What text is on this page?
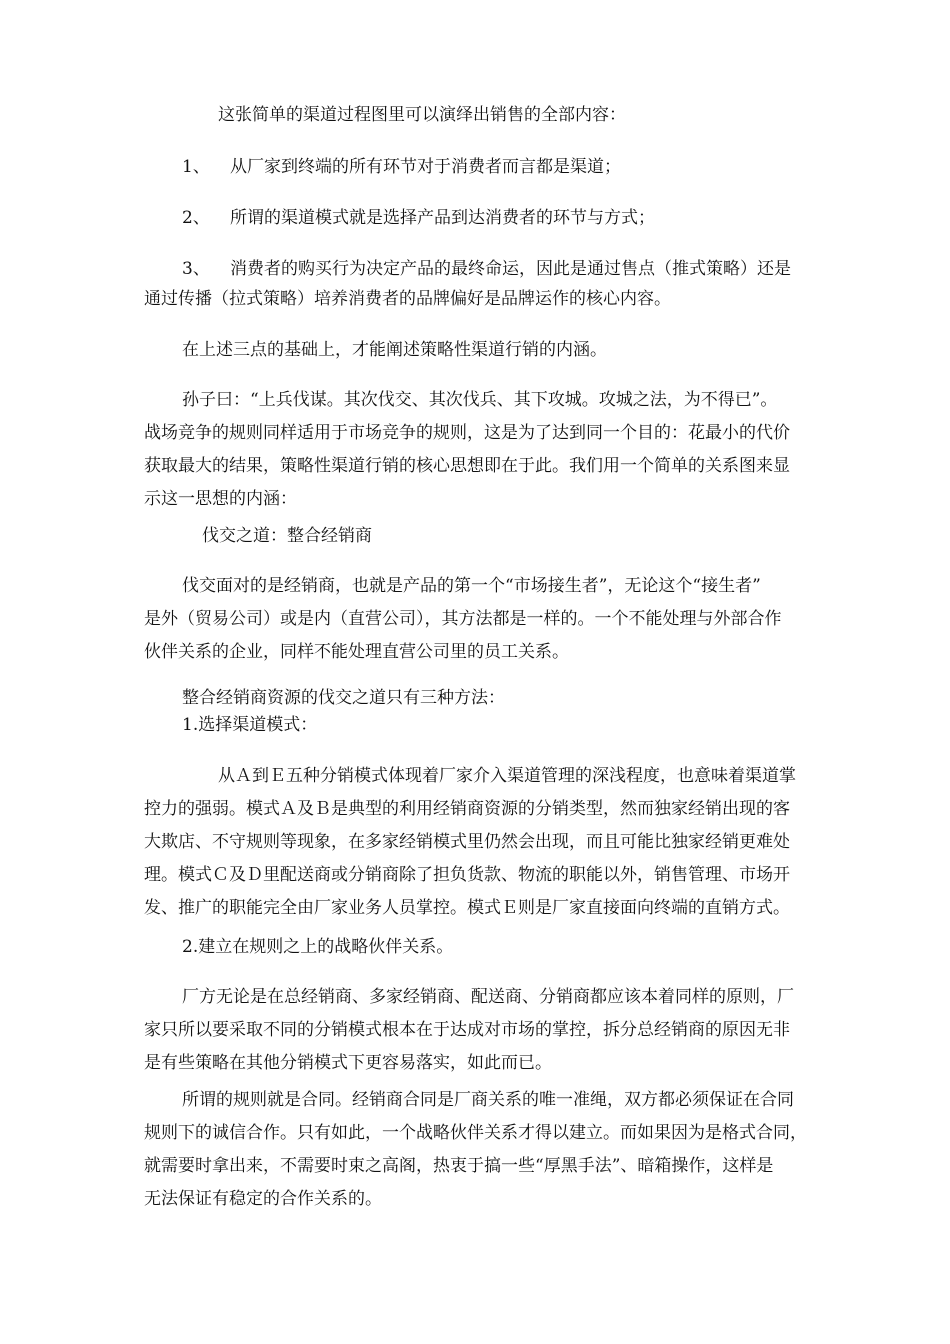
这张简单的渠道过程图里可以演绎出销售的全部内容：
1、 从厂家到终端的所有环节对于消费者而言都是渠道；
2、 所谓的渠道模式就是选择产品到达消费者的环节与方式；
3、 消费者的购买行为决定产品的最终命运，因此是通过售点（推式策略）还是
通过传播（拉式策略）培养消费者的品牌偏好是品牌运作的核心内容。
在上述三点的基础上，才能阐述策略性渠道行销的内涵。
孙子曰：“上兵伐谋。其次伐交、其次伐兵、其下攻城。攻城之法，为不得已”。
战场竞争的规则同样适用于市场竞争的规则，这是为了达到同一个目的：花最小的代价
获取最大的结果，策略性渠道行销的核心思想即在于此。我们用一个简单的关系图来显
示这一思想的内涵：
伐交之道：整合经销商
伐交面对的是经销商，也就是产品的第一个“市场接生者”，无论这个“接生者”
是外（贸易公司）或是内（直营公司），其方法都是一样的。一个不能处理与外部合作
伙伴关系的企业，同样不能处理直营公司里的员工关系。
整合经销商资源的伐交之道只有三种方法：
1.选择渠道模式：
从Ａ到Ｅ五种分销模式体现着厂家介入渠道管理的深浅程度，也意味着渠道掌
控力的强弱。模式Ａ及Ｂ是典型的利用经销商资源的分销类型，然而独家经销出现的客
大欺店、不守规则等现象，在多家经销模式里仍然会出现，而且可能比独家经销更难处
理。模式Ｃ及Ｄ里配送商或分销商除了担负货款、物流的职能以外，销售管理、市场开
发、推广的职能完全由厂家业务人员掌控。模式Ｅ则是厂家直接面向终端的直销方式。
2.建立在规则之上的战略伙伴关系。
厂方无论是在总经销商、多家经销商、配送商、分销商都应该本着同样的原则，厂
家只所以要采取不同的分销模式根本在于达成对市场的掌控，拆分总经销商的原因无非
是有些策略在其他分销模式下更容易落实，如此而已。
所谓的规则就是合同。经销商合同是厂商关系的唯一准绳，双方都必须保证在合同
规则下的诚信合作。只有如此，一个战略伙伴关系才得以建立。而如果因为是格式合同，
就需要时拿出来，不需要时束之高阁，热衷于搞一些“厚黑手法”、暗箱操作，这样是
无法保证有稳定的合作关系的。
